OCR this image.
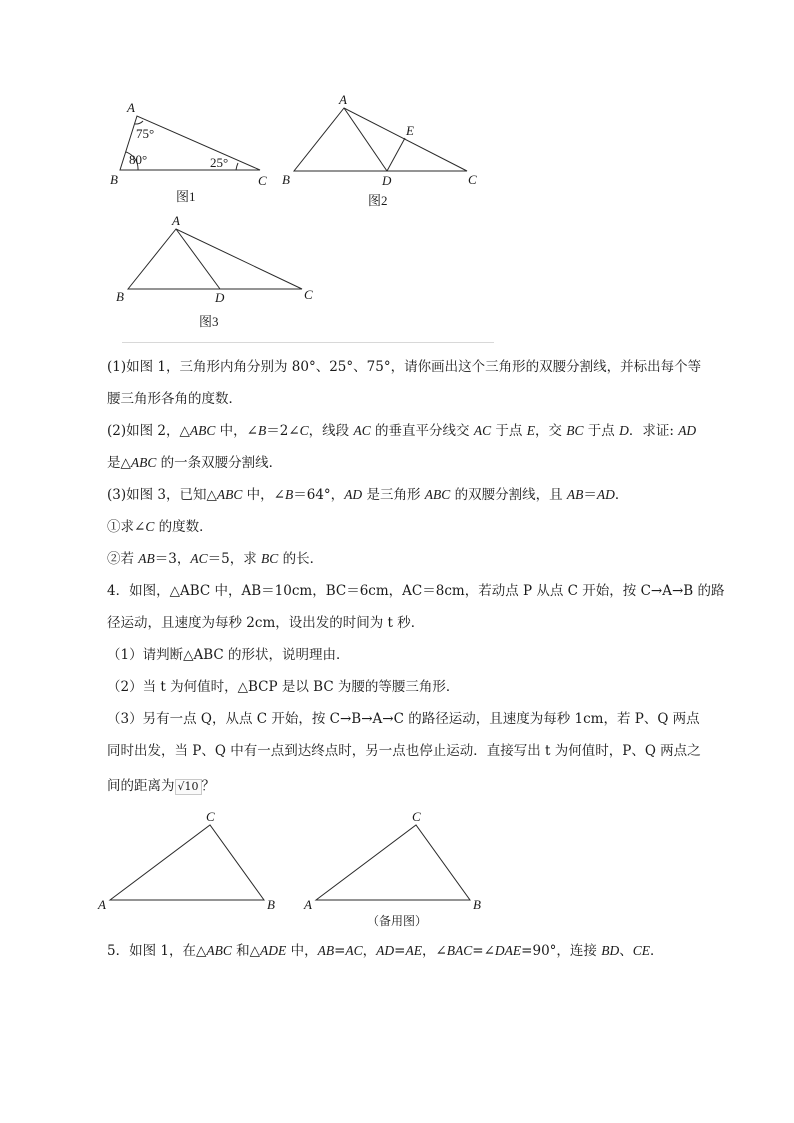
A
B	C
75°
80°	25°
图1
A
B	C
D
E
图2
A
B	C
D
图3
(1)如图 1，三角形内角分别为 80°、25°、75°，请你画出这个三角形的双腰分割线，并标出每个等
腰三角形各角的度数．
(2)如图 2，△ABC 中，∠B＝2∠C，线段 AC 的垂直平分线交 AC 于点 E，交 BC 于点 D．求证: AD
是△ABC 的一条双腰分割线．
(3)如图 3，已知△ABC 中，∠B＝64°，AD 是三角形 ABC 的双腰分割线，且 AB＝AD．
①求∠C 的度数．
②若 AB＝3，AC＝5，求 BC 的长．
4．如图，△ABC 中，AB＝10cm，BC＝6cm，AC＝8cm，若动点 P 从点 C 开始，按 C→A→B 的路
径运动，且速度为每秒 2cm，设出发的时间为 t 秒．
（1）请判断△ABC 的形状，说明理由．
（2）当 t 为何值时，△BCP 是以 BC 为腰的等腰三角形．
（3）另有一点 Q，从点 C 开始，按 C→B→A→C 的路径运动，且速度为每秒 1cm，若 P、Q 两点
同时出发，当 P、Q 中有一点到达终点时，另一点也停止运动．直接写出 t 为何值时，P、Q 两点之
间的距离为 √10 ？
A	B
C
A	B
C
（备用图）
5．如图 1，在△ABC 和△ADE 中，AB=AC，AD=AE，∠BAC=∠DAE=90°，连接 BD、CE．
